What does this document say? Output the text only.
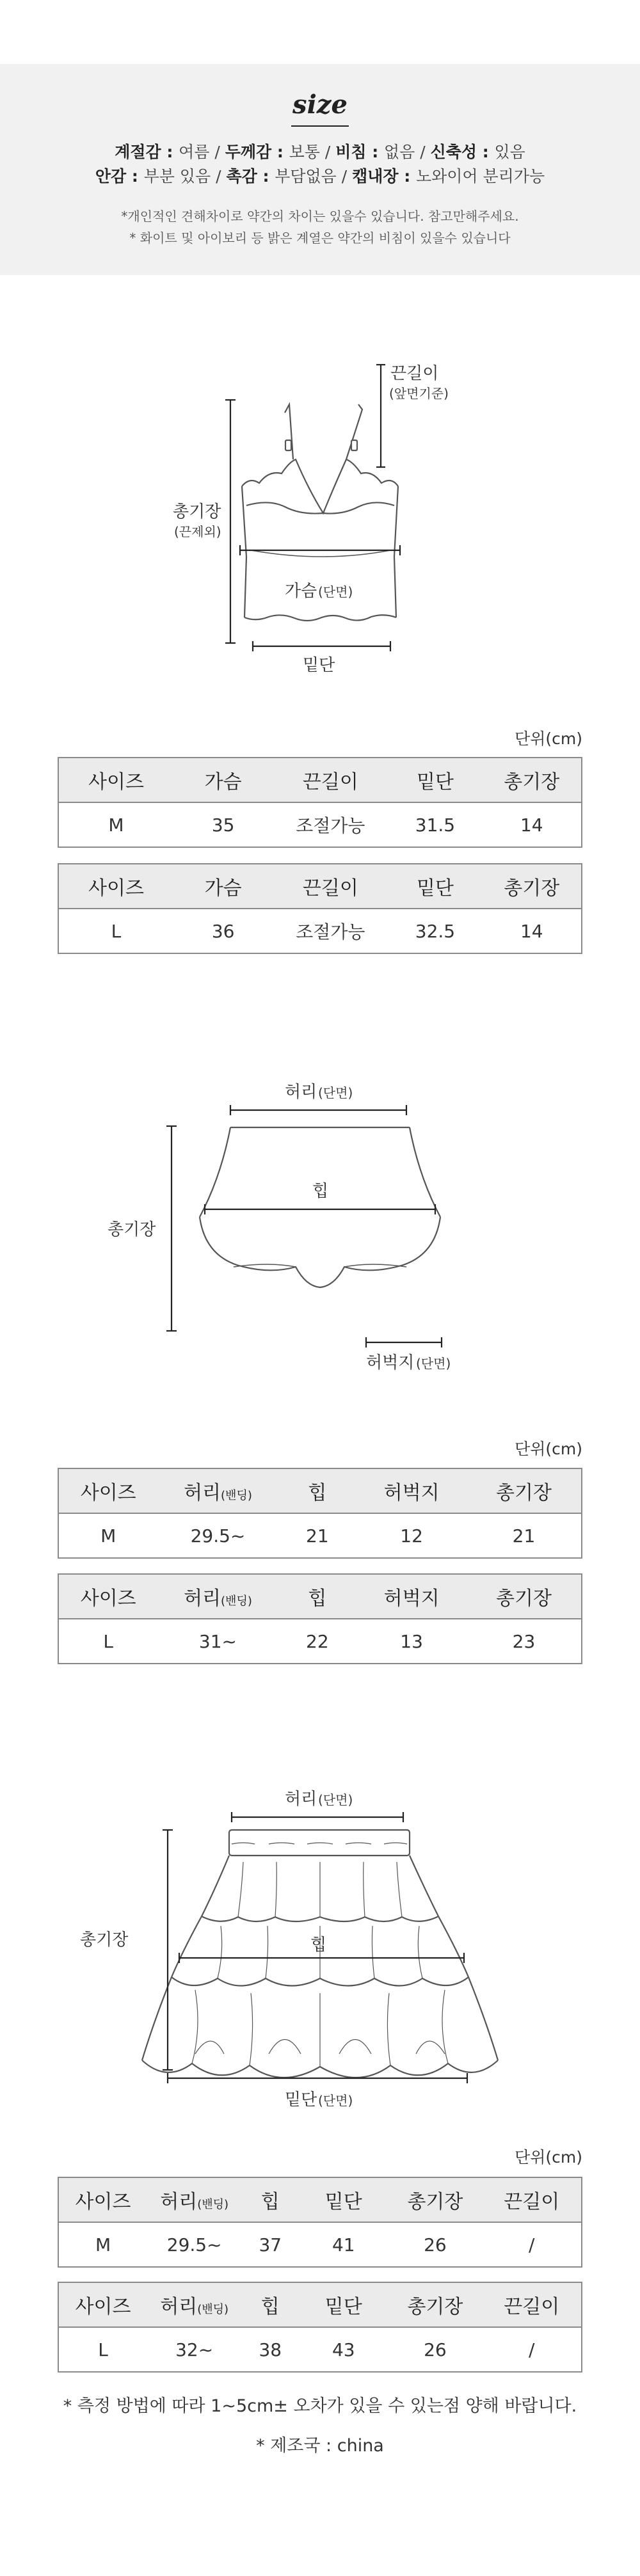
size
계절감 : 여름 / 두께감 : 보통 / 비침 : 없음 / 신축성 : 있음
안감 : 부분 있음 / 촉감 : 부담없음 / 캡내장 : 노와이어 분리가능
*개인적인 견해차이로 약간의 차이는 있을수 있습니다. 참고만해주세요.
* 화이트 및 아이보리 등 밝은 계열은 약간의 비침이 있을수 있습니다
끈길이
(앞면기준)
총기장
(끈제외)
가슴 (단면)
밑단
단위(cm)
사이즈	가슴	끈길이	밑단	총기장
M	35	조절가능	31.5	14
사이즈	가슴	끈길이	밑단	총기장
L	36	조절가능	32.5	14
허리 (단면)
힙
총기장
허벅지 (단면)
단위(cm)
사이즈	허리(밴딩)	힙	허벅지	총기장
M	29.5~	21	12	21
사이즈	허리(밴딩)	힙	허벅지	총기장
L	31~	22	13	23
허리 (단면)
힙
총기장
밑단 (단면)
단위(cm)
사이즈	허리(밴딩)	힙	밑단	총기장	끈길이
M	29.5~	37	41	26	/
사이즈	허리(밴딩)	힙	밑단	총기장	끈길이
L	32~	38	43	26	/
* 측정 방법에 따라 1~5cm± 오차가 있을 수 있는점 양해 바랍니다.
* 제조국 : china
